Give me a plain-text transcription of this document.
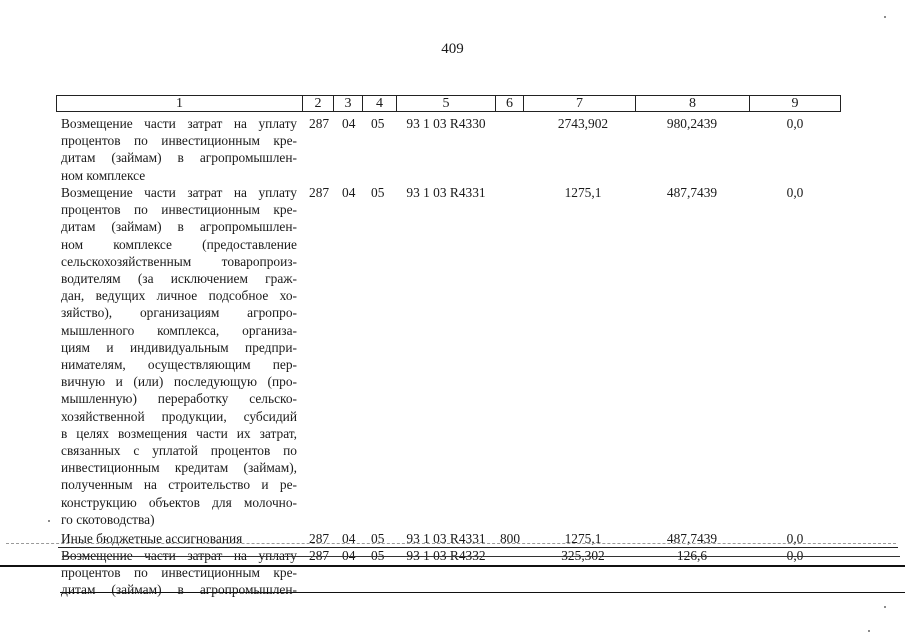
409
1	2	3	4	5	6	7	8	9
Возмещение части затрат на уплату
процентов по инвестиционным кре-
дитам (займам) в агропромышлен-
ном комплексе
287 04 05	93 1 03 R4330	2743,902	980,2439	0,0
Возмещение части затрат на уплату
процентов по инвестиционным кре-
дитам (займам) в агропромышлен-
ном комплексе (предоставление
сельскохозяйственным товаропроиз-
водителям (за исключением граж-
дан, ведущих личное подсобное хо-
зяйство), организациям агропро-
мышленного комплекса, организа-
циям и индивидуальным предпри-
нимателям, осуществляющим пер-
вичную и (или) последующую (про-
мышленную) переработку сельско-
хозяйственной продукции, субсидий
в целях возмещения части их затрат,
связанных с уплатой процентов по
инвестиционным кредитам (займам),
полученным на строительство и ре-
конструкцию объектов для молочно-
го скотоводства)
287 04 05	93 1 03 R4331	1275,1	487,7439	0,0
Иные бюджетные ассигнования	287 04 05	93 1 03 R4331	800	1275,1	487,7439	0,0
Возмещение части затрат на уплату
процентов по инвестиционным кре-
дитам (займам) в агропромышлен-
287 04 05	93 1 03 R4332	325,302	126,6	0,0
